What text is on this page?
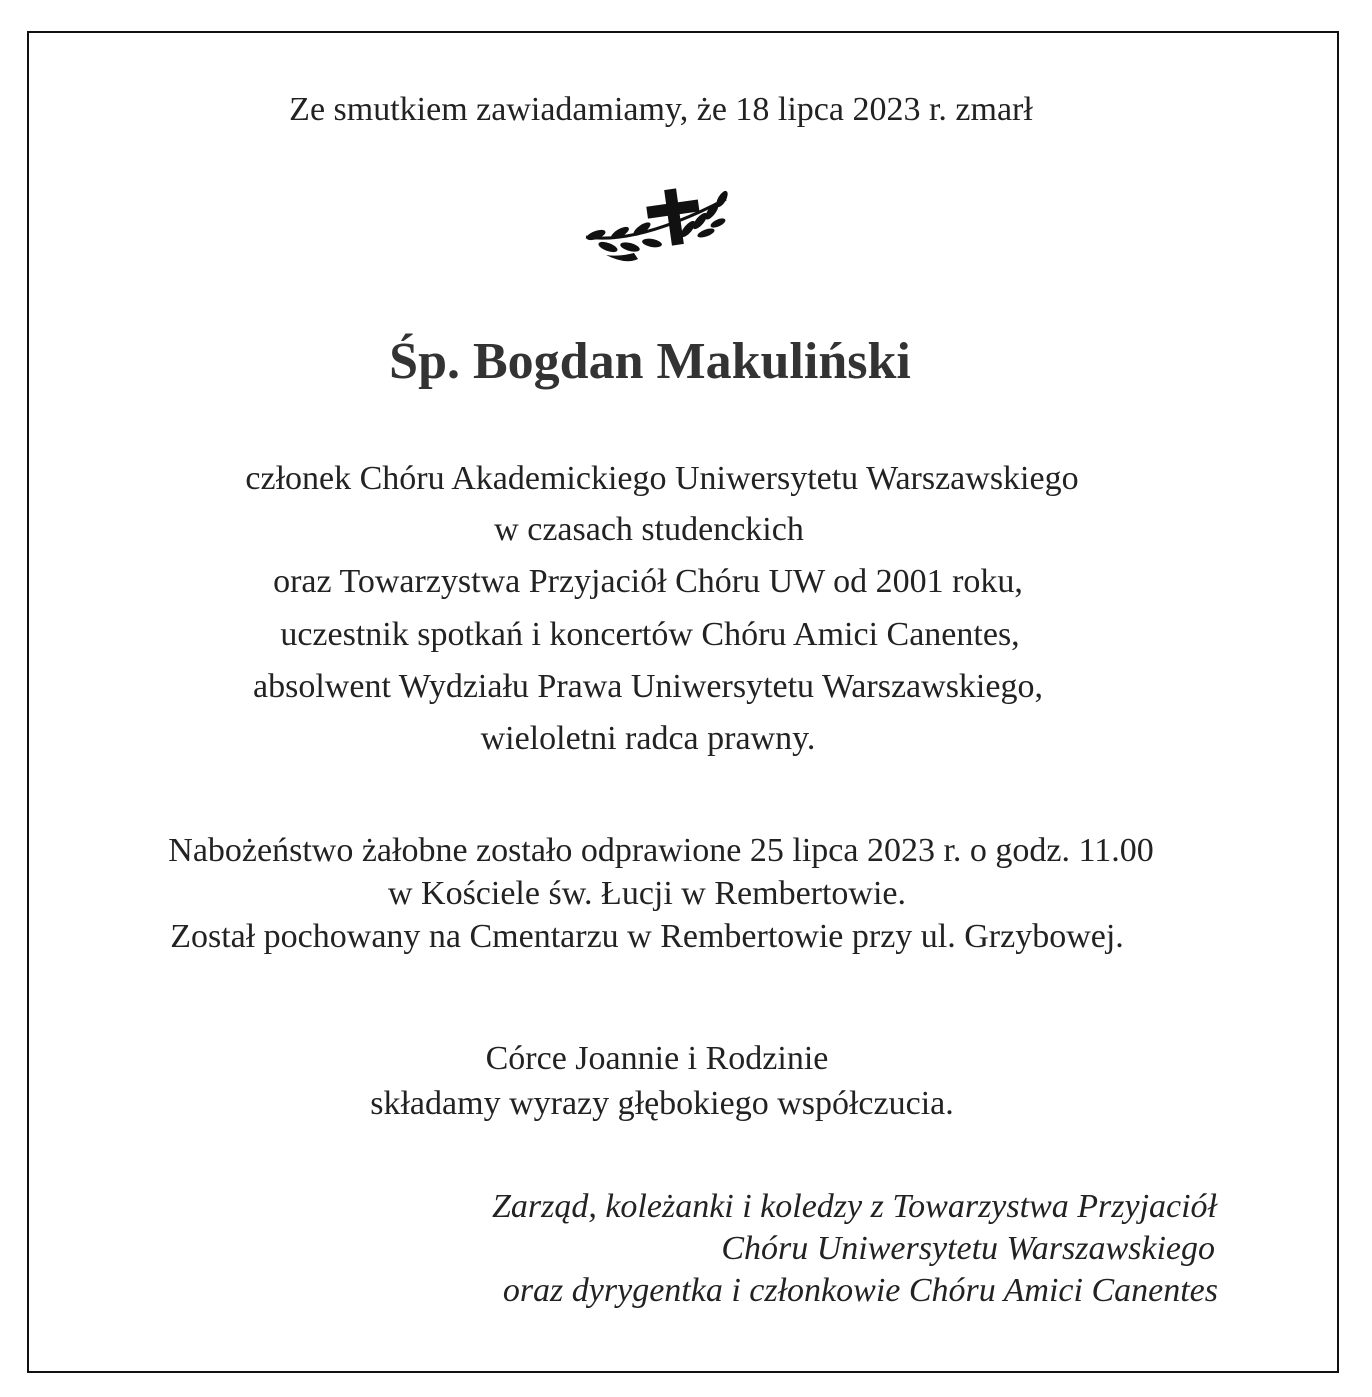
Ze smutkiem zawiadamiamy, że 18 lipca 2023 r. zmarł
Śp. Bogdan Makuliński
członek Chóru Akademickiego Uniwersytetu Warszawskiego
w czasach studenckich
oraz Towarzystwa Przyjaciół Chóru UW od 2001 roku,
uczestnik spotkań i koncertów Chóru Amici Canentes,
absolwent Wydziału Prawa Uniwersytetu Warszawskiego,
wieloletni radca prawny.
Nabożeństwo żałobne zostało odprawione 25 lipca 2023 r. o godz. 11.00
w Kościele św. Łucji w Rembertowie.
Został pochowany na Cmentarzu w Rembertowie przy ul. Grzybowej.
Córce Joannie i Rodzinie
składamy wyrazy głębokiego współczucia.
Zarząd, koleżanki i koledzy z Towarzystwa Przyjaciół
Chóru Uniwersytetu Warszawskiego
oraz dyrygentka i członkowie Chóru Amici Canentes
